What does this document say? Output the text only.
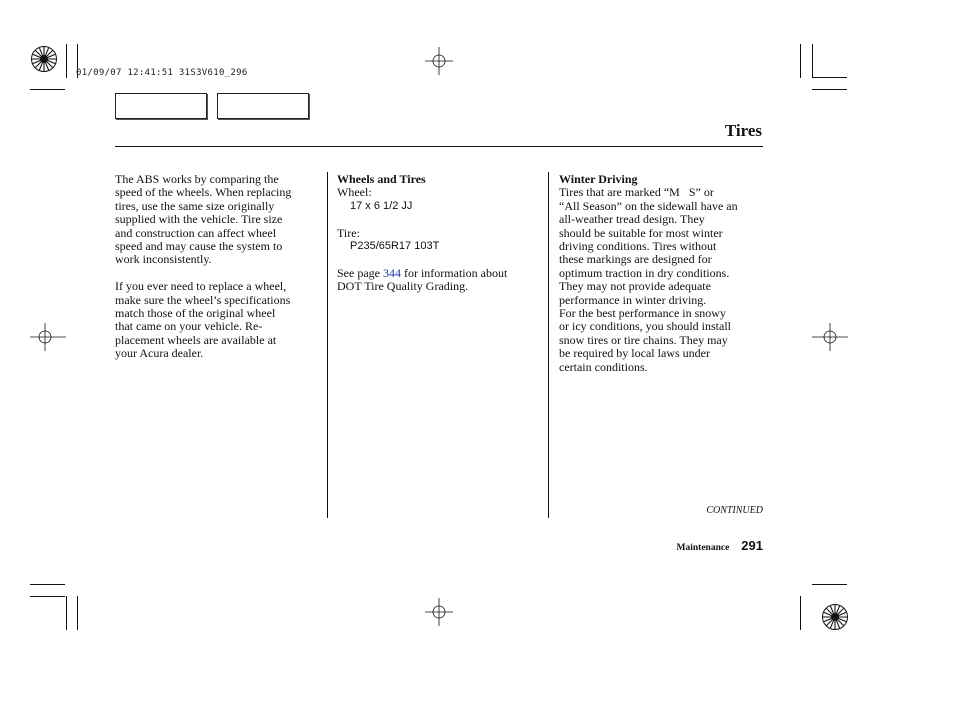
01/09/07 12:41:51 31S3V610_296
Tires

The ABS works by comparing the

speed of the wheels. When replacing

tires, use the same size originally

supplied with the vehicle. Tire size

and construction can affect wheel

speed and may cause the system to

work inconsistently.

If you ever need to replace a wheel,

make sure the wheel’s specifications

match those of the original wheel

that came on your vehicle. Re-

placement wheels are available at

your Acura dealer.

Wheels and Tires

Wheel:

17 x 6 1/2 JJ

Tire:

P235/65R17 103T

See page 344 for information about

DOT Tire Quality Grading.

Winter Driving

Tires that are marked “M   S” or

“All Season” on the sidewall have an

all-weather tread design. They

should be suitable for most winter

driving conditions. Tires without

these markings are designed for

optimum traction in dry conditions.

They may not provide adequate

performance in winter driving.

For the best performance in snowy

or icy conditions, you should install

snow tires or tire chains. They may

be required by local laws under

certain conditions.

CONTINUED
Maintenance 291
